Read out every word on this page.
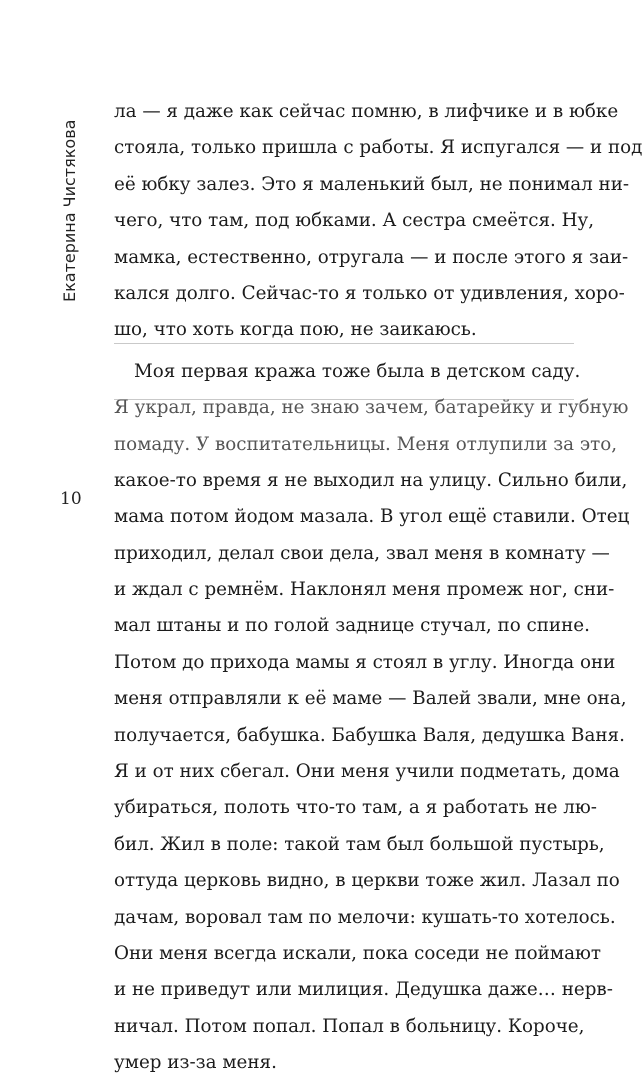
Екатерина Чистякова
10
ла — я даже как сейчас помню, в лифчике и в юбке
стояла, только пришла с работы. Я испугался — и под
её юбку залез. Это я маленький был, не понимал ни-
чего, что там, под юбками. А сестра смеётся. Ну,
мамка, естественно, отругала — и после этого я заи-
кался долго. Сейчас-то я только от удивления, хоро-
шо, что хоть когда пою, не заикаюсь.
Моя первая кража тоже была в детском саду.
Я украл, правда, не знаю зачем, батарейку и губную
помаду. У воспитательницы. Меня отлупили за это,
какое-то время я не выходил на улицу. Сильно били,
мама потом йодом мазала. В угол ещё ставили. Отец
приходил, делал свои дела, звал меня в комнату —
и ждал с ремнём. Наклонял меня промеж ног, сни-
мал штаны и по голой заднице стучал, по спине.
Потом до прихода мамы я стоял в углу. Иногда они
меня отправляли к её маме — Валей звали, мне она,
получается, бабушка. Бабушка Валя, дедушка Ваня.
Я и от них сбегал. Они меня учили подметать, дома
убираться, полоть что-то там, а я работать не лю-
бил. Жил в поле: такой там был большой пустырь,
оттуда церковь видно, в церкви тоже жил. Лазал по
дачам, воровал там по мелочи: кушать-то хотелось.
Они меня всегда искали, пока соседи не поймают
и не приведут или милиция. Дедушка даже… нерв-
ничал. Потом попал. Попал в больницу. Короче,
умер из-за меня.
